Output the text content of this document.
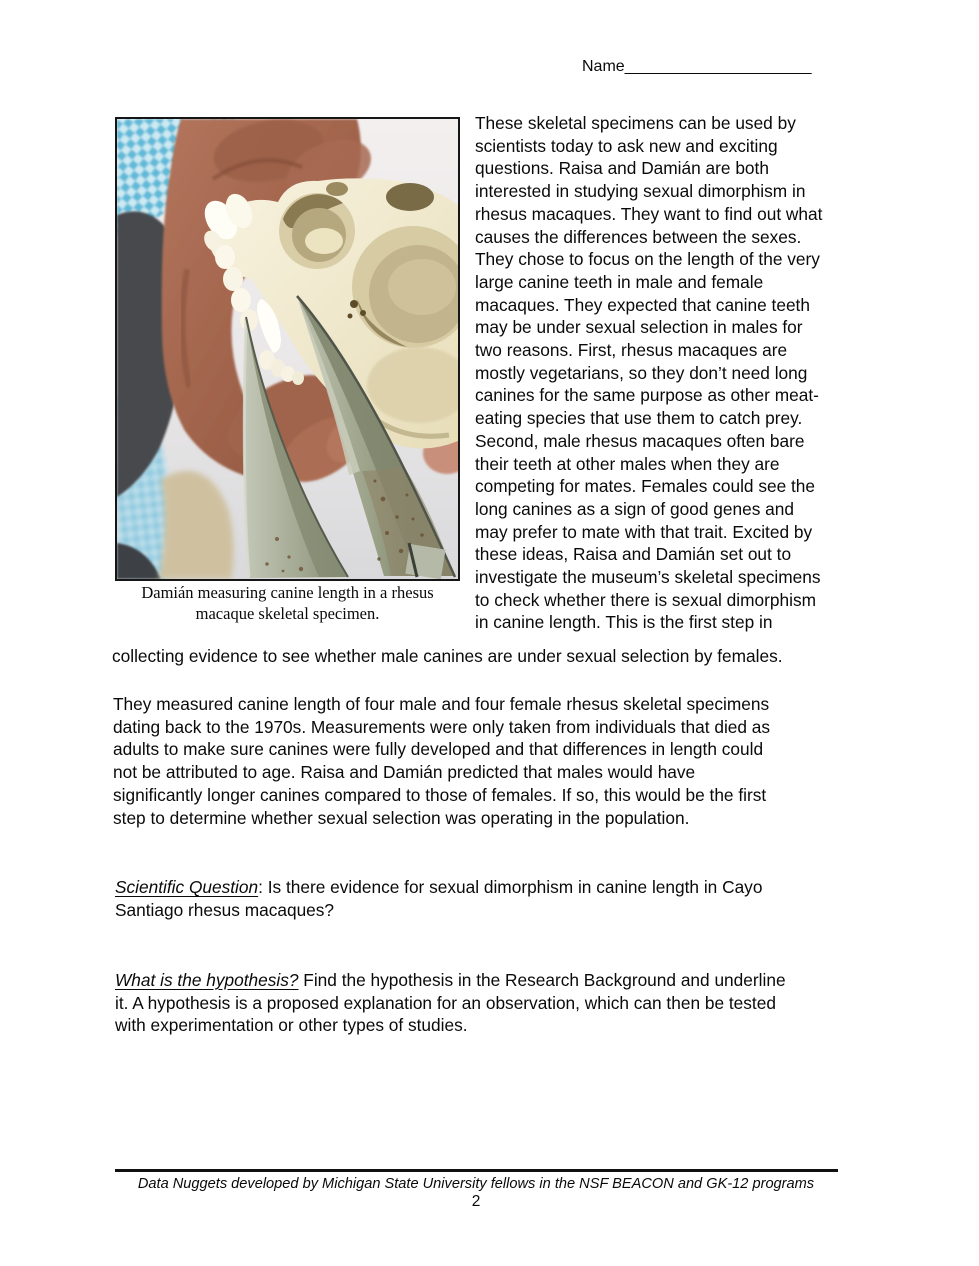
Name_____________________
Damián measuring canine length in a rhesus
macaque skeletal specimen.
These skeletal specimens can be used by
scientists today to ask new and exciting
questions. Raisa and Damián are both
interested in studying sexual dimorphism in
rhesus macaques. They want to find out what
causes the differences between the sexes.
They chose to focus on the length of the very
large canine teeth in male and female
macaques. They expected that canine teeth
may be under sexual selection in males for
two reasons. First, rhesus macaques are
mostly vegetarians, so they don’t need long
canines for the same purpose as other meat-
eating species that use them to catch prey.
Second, male rhesus macaques often bare
their teeth at other males when they are
competing for mates. Females could see the
long canines as a sign of good genes and
may prefer to mate with that trait. Excited by
these ideas, Raisa and Damián set out to
investigate the museum’s skeletal specimens
to check whether there is sexual dimorphism
in canine length. This is the first step in
collecting evidence to see whether male canines are under sexual selection by females.
They measured canine length of four male and four female rhesus skeletal specimens
dating back to the 1970s. Measurements were only taken from individuals that died as
adults to make sure canines were fully developed and that differences in length could
not be attributed to age. Raisa and Damián predicted that males would have
significantly longer canines compared to those of females. If so, this would be the first
step to determine whether sexual selection was operating in the population.
Scientific Question: Is there evidence for sexual dimorphism in canine length in Cayo
Santiago rhesus macaques?
What is the hypothesis? Find the hypothesis in the Research Background and underline
it. A hypothesis is a proposed explanation for an observation, which can then be tested
with experimentation or other types of studies.
Data Nuggets developed by Michigan State University fellows in the NSF BEACON and GK-12 programs
2
